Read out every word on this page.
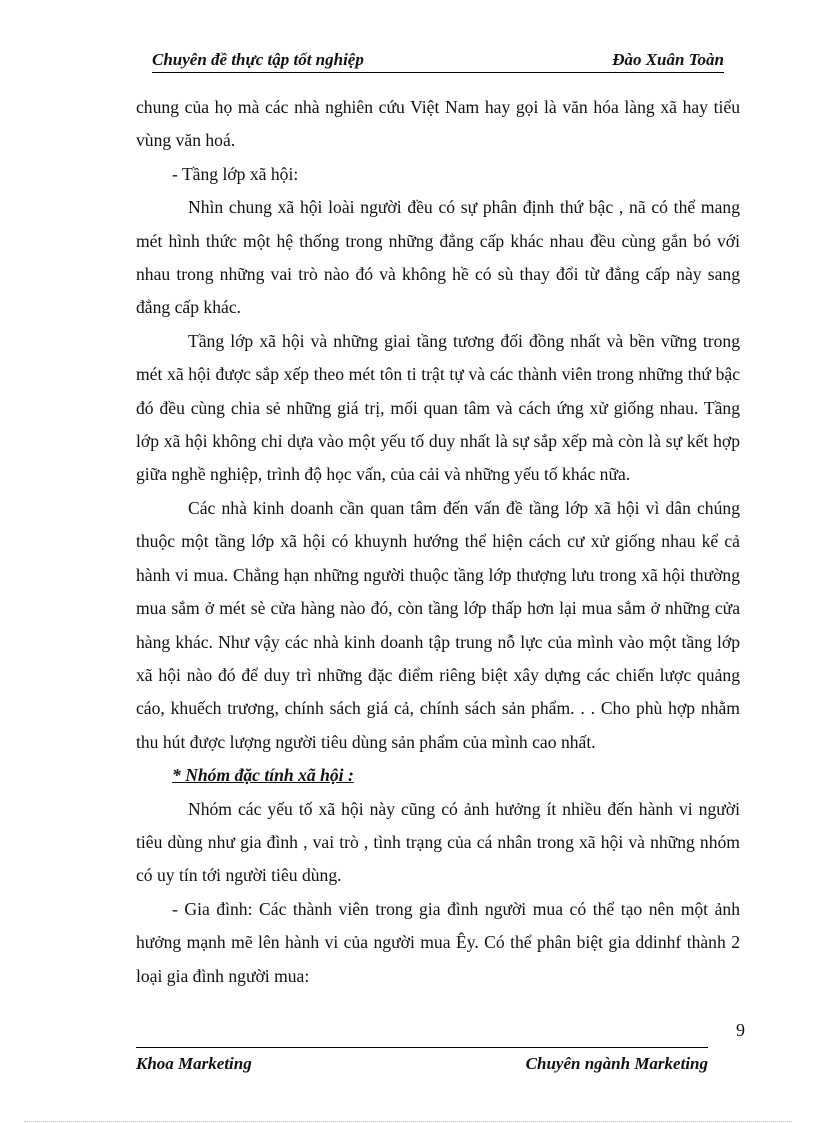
Chuyên đề thực tập tốt nghiệp	Đào Xuân Toàn

chung của họ mà các nhà nghiên cứu Việt Nam hay gọi là văn hóa làng xã hay tiểu vùng văn hoá.

- Tầng lớp xã hội:

Nhìn chung xã hội loài người đều có sự phân định thứ bậc , nã có thể mang mét hình thức một hệ thống trong những đẳng cấp khác nhau đều cùng gắn bó với nhau trong những vai trò nào đó và không hề có sù thay đổi từ đẳng cấp này sang đẳng cấp khác.

Tầng lớp xã hội và những giai tầng tương đối đồng nhất và bền vững trong mét xã hội được sắp xếp theo mét tôn ti trật tự và các thành viên trong những thứ bậc đó đều cùng chia sẻ những giá trị, mối quan tâm và cách ứng xử giống nhau. Tầng lớp xã hội không chỉ dựa vào một yếu tố duy nhất là sự sắp xếp mà còn là sự kết hợp giữa nghề nghiệp, trình độ học vấn, của cải và những yếu tố khác nữa.

Các nhà kinh doanh cần quan tâm đến vấn đề tầng lớp xã hội vì dân chúng thuộc một tầng lớp xã hội có khuynh hướng thể hiện cách cư xử giống nhau kể cả hành vi mua. Chẳng hạn những người thuộc tầng lớp thượng lưu trong xã hội thường mua sắm ở mét sè cửa hàng nào đó, còn tầng lớp thấp hơn lại mua sắm ở những cửa hàng khác. Như vậy các nhà kinh doanh tập trung nỗ lực của mình vào một tầng lớp xã hội nào đó để duy trì những đặc điểm riêng biệt xây dựng các chiến lược quảng cáo, khuếch trương, chính sách giá cả, chính sách sản phẩm. . . Cho phù hợp nhằm thu hút được lượng người tiêu dùng sản phẩm của mình cao nhất.

* Nhóm đặc tính xã hội :

Nhóm các yếu tố xã hội này cũng có ảnh hưởng ít nhiều đến hành vi người tiêu dùng như gia đình , vai trò , tình trạng của cá nhân trong xã hội và những nhóm có uy tín tới người tiêu dùng.

- Gia đình: Các thành viên trong gia đình người mua có thể tạo nên một ảnh hưởng mạnh mẽ lên hành vi của người mua Êy. Có thể phân biệt gia ddinhf thành 2 loại gia đình người mua:

9
Khoa Marketing	Chuyên ngành Marketing
